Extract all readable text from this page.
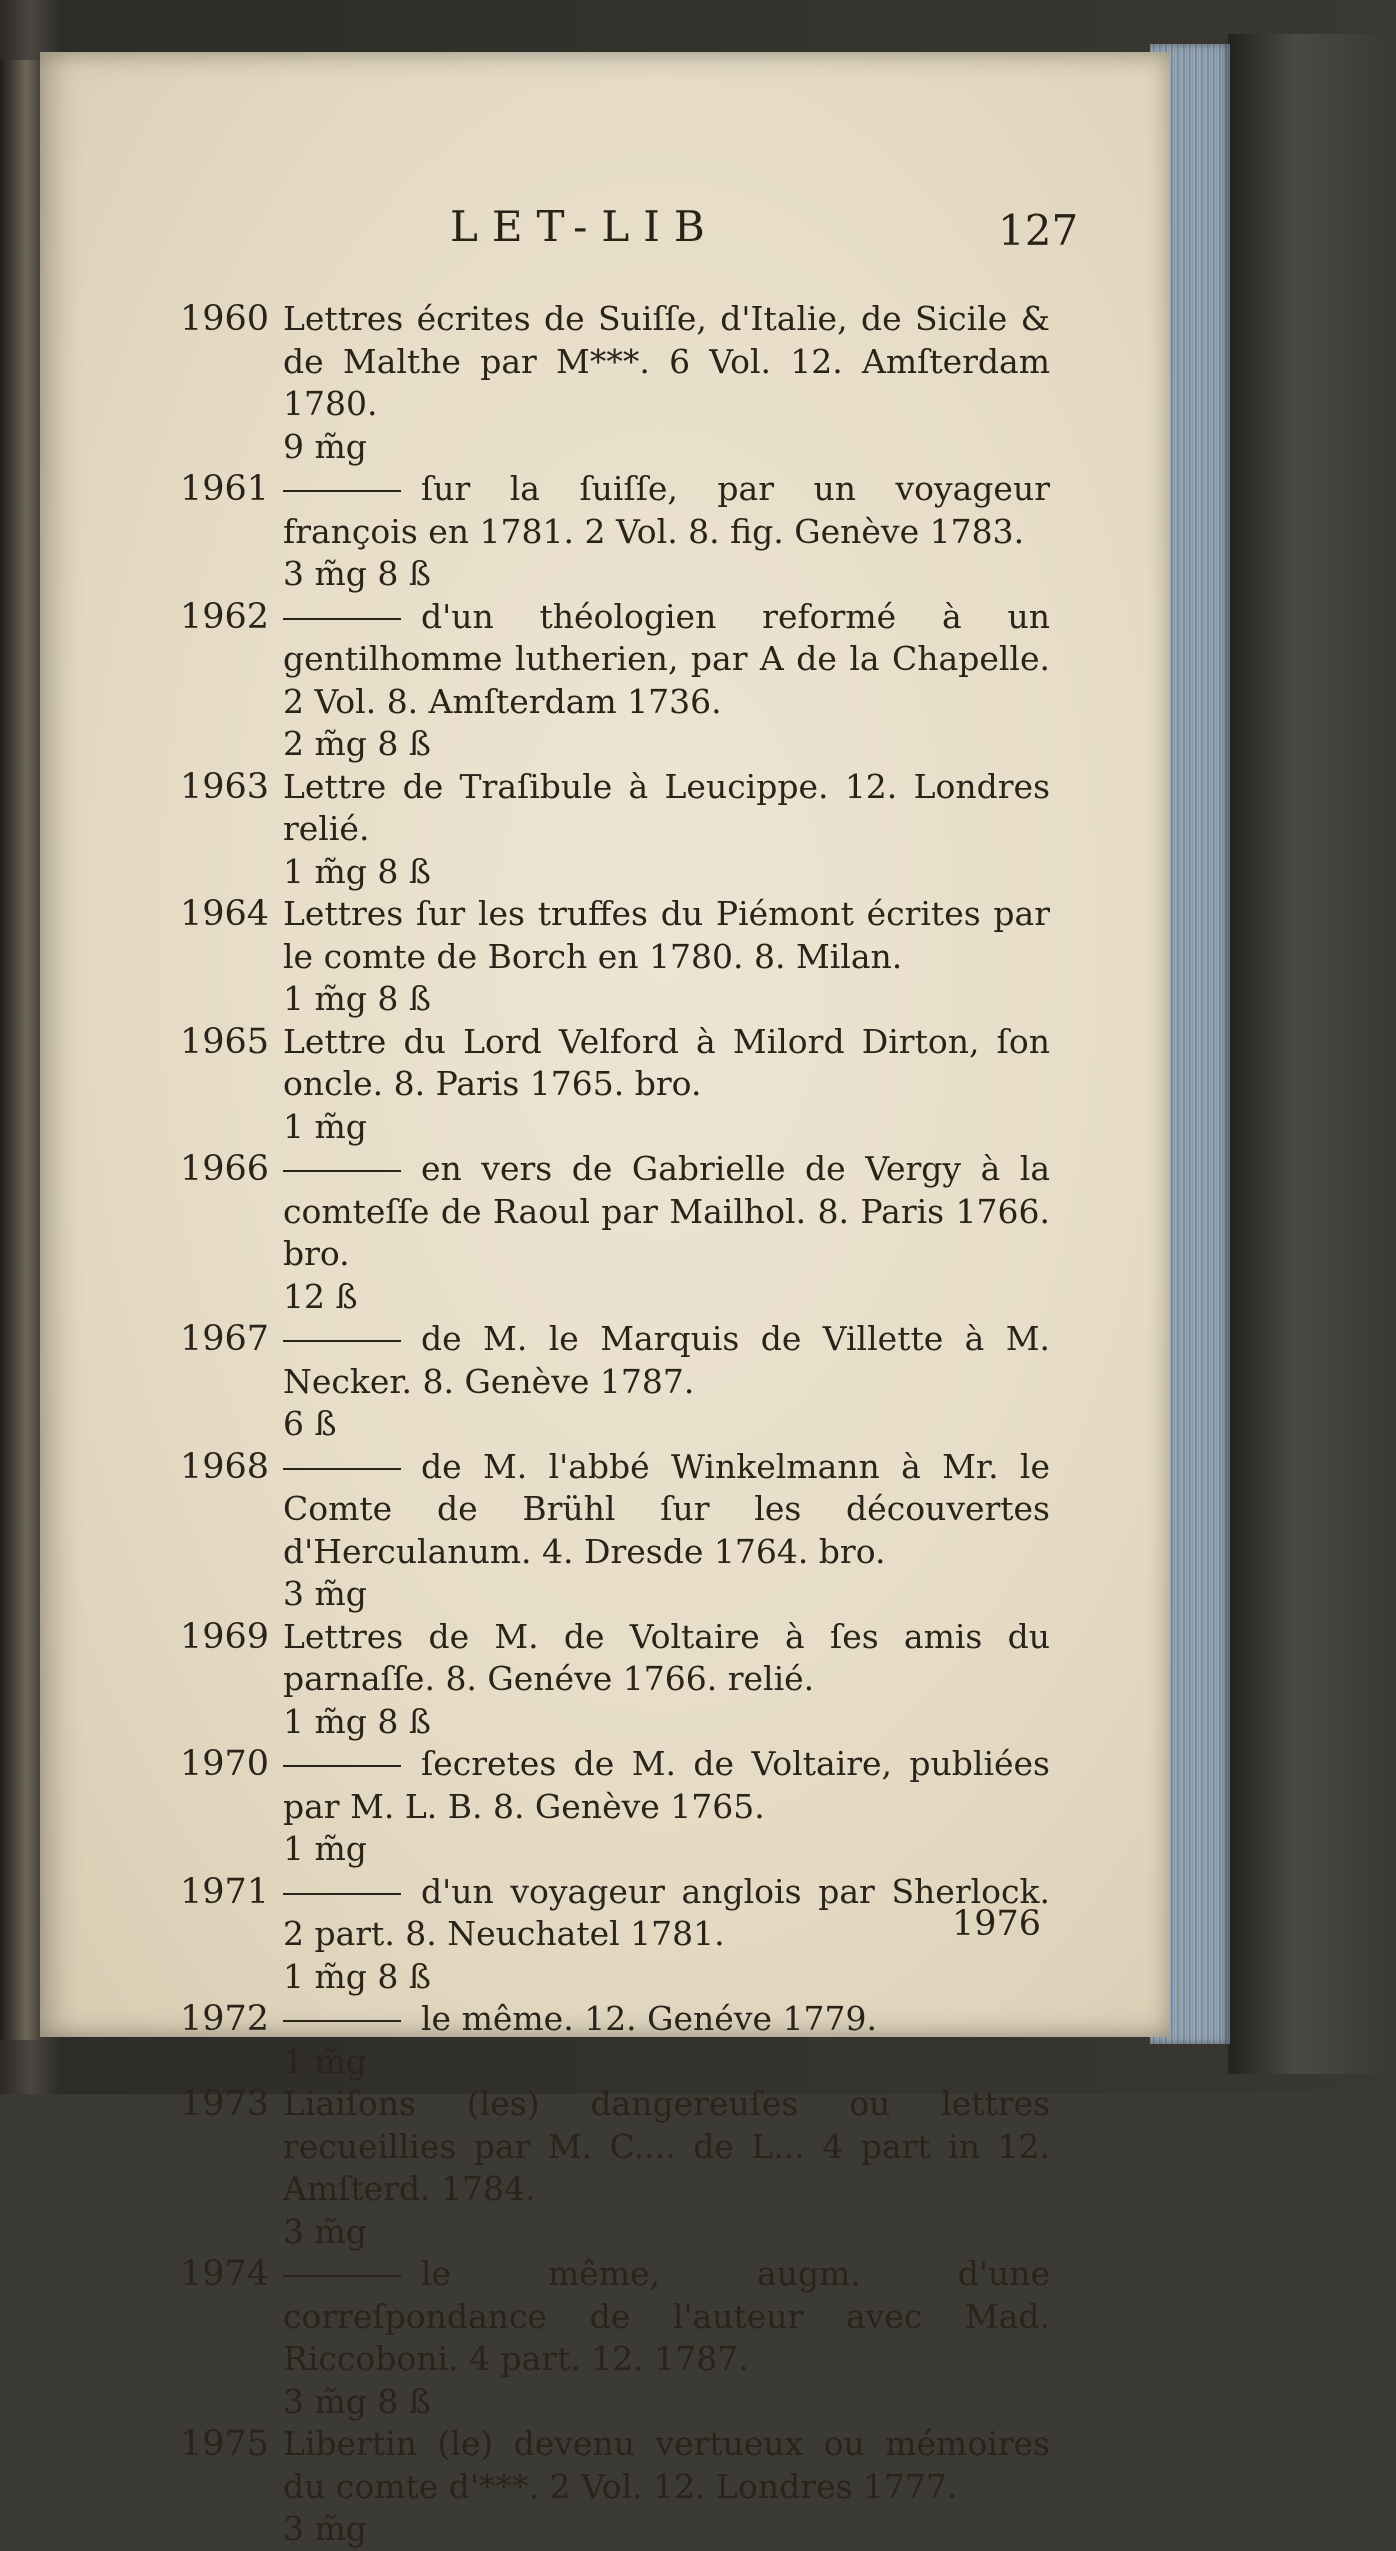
LET-LIB	127
1960 Lettres écrites de Suiſſe, d'Italie, de Sicile & de Malthe par M***. 6 Vol. 12. Amſterdam 1780.
9 m̃g
1961	ſur la ſuiſſe, par un voyageur françois en 1781. 2 Vol. 8. fig. Genève 1783.
3 m̃g 8 ß
1962	d'un théologien reformé à un gentilhomme lutherien, par A de la Chapelle. 2 Vol. 8. Amſterdam 1736.
2 m̃g 8 ß
1963 Lettre de Traſibule à Leucippe. 12. Londres relié.
1 m̃g 8 ß
1964 Lettres ſur les truffes du Piémont écrites par le comte de Borch en 1780. 8. Milan.
1 m̃g 8 ß
1965 Lettre du Lord Velford à Milord Dirton, ſon oncle. 8. Paris 1765. bro.
1 m̃g
1966	en vers de Gabrielle de Vergy à la comteſſe de Raoul par Mailhol. 8. Paris 1766. bro.
12 ß
1967	de M. le Marquis de Villette à M. Necker. 8. Genève 1787.
6 ß
1968	de M. l'abbé Winkelmann à Mr. le Comte de Brühl ſur les découvertes d'Herculanum. 4. Dresde 1764. bro.
3 m̃g
1969 Lettres de M. de Voltaire à ſes amis du parnaſſe. 8. Genéve 1766. relié.
1 m̃g 8 ß
1970	ſecretes de M. de Voltaire, publiées par M. L. B. 8. Genève 1765.
1 m̃g
1971	d'un voyageur anglois par Sherlock. 2 part. 8. Neuchatel 1781.
1 m̃g 8 ß
1972	le même. 12. Genéve 1779.
1 m̃g
1973 Liaiſons (les) dangereuſes ou lettres recueillies par M. C.... de L... 4 part in 12. Amſterd. 1784.
3 m̃g
1974	le même, augm. d'une correſpondance de l'auteur avec Mad. Riccoboni. 4 part. 12. 1787.
3 m̃g 8 ß
1975 Libertin (le) devenu vertueux ou mémoires du comte d'***. 2 Vol. 12. Londres 1777.
3 m̃g
1976
